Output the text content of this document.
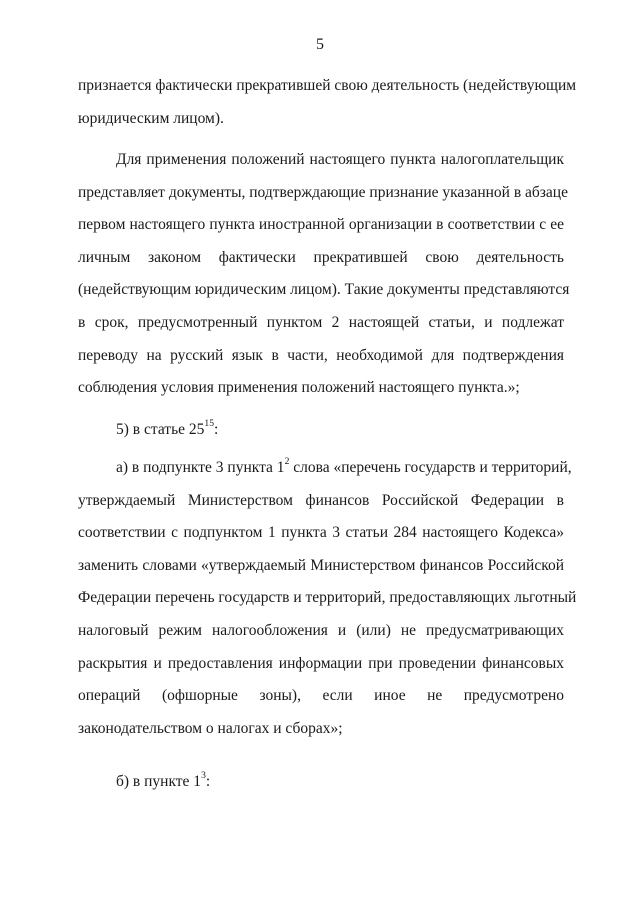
5
признается фактически прекратившей свою деятельность (недействующим
юридическим лицом).
Для применения положений настоящего пункта налогоплательщик
представляет документы, подтверждающие признание указанной в абзаце
первом настоящего пункта иностранной организации в соответствии с ее
личным законом фактически прекратившей свою деятельность
(недействующим юридическим лицом). Такие документы представляются
в срок, предусмотренный пунктом 2 настоящей статьи, и подлежат
переводу на русский язык в части, необходимой для подтверждения
соблюдения условия применения положений настоящего пункта.»;
5) в статье $25^{15}$:
а) в подпункте 3 пункта $1^2$ слова «перечень государств и территорий,
утверждаемый Министерством финансов Российской Федерации в
соответствии с подпунктом 1 пункта 3 статьи 284 настоящего Кодекса»
заменить словами «утверждаемый Министерством финансов Российской
Федерации перечень государств и территорий, предоставляющих льготный
налоговый режим налогообложения и (или) не предусматривающих
раскрытия и предоставления информации при проведении финансовых
операций (офшорные зоны), если иное не предусмотрено
законодательством о налогах и сборах»;
б) в пункте $1^3$:
